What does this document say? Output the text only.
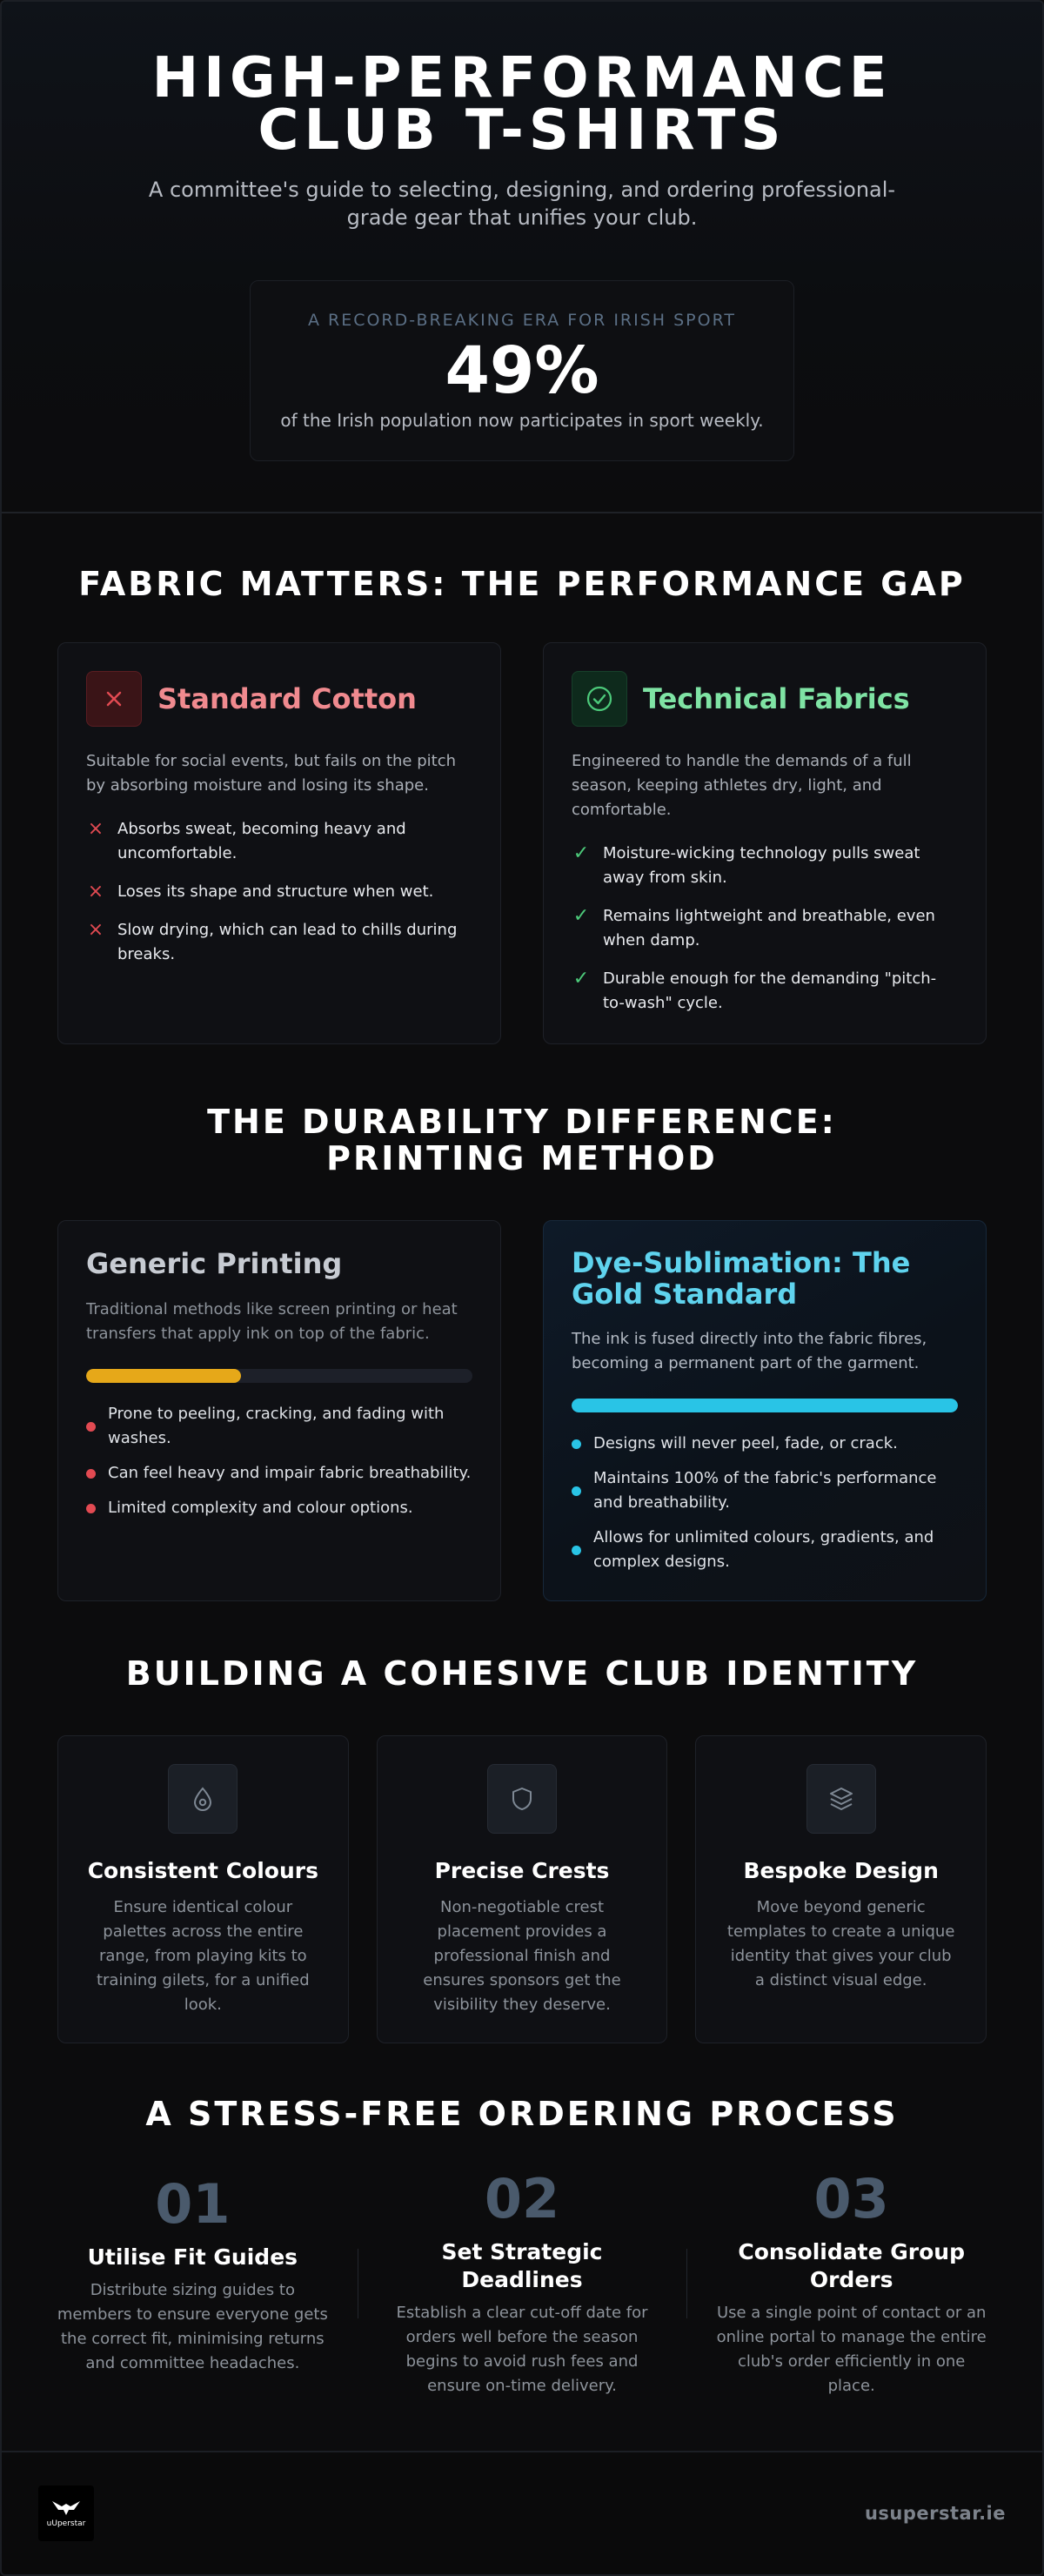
HIGH-PERFORMANCE CLUB T-SHIRTS

A committee's guide to selecting, designing, and ordering professional-grade gear that unifies your club.

A RECORD-BREAKING ERA FOR IRISH SPORT
49%
of the Irish population now participates in sport weekly.
FABRIC MATTERS: THE PERFORMANCE GAP
Standard Cotton

Suitable for social events, but fails on the pitch by absorbing moisture and losing its shape.

× Absorbs sweat, becoming heavy and uncomfortable.
× Loses its shape and structure when wet.
× Slow drying, which can lead to chills during breaks.
Technical Fabrics

Engineered to handle the demands of a full season, keeping athletes dry, light, and comfortable.

✓ Moisture-wicking technology pulls sweat away from skin.
✓ Remains lightweight and breathable, even when damp.
✓ Durable enough for the demanding "pitch-to-wash" cycle.
THE DURABILITY DIFFERENCE: PRINTING METHOD
Generic Printing

Traditional methods like screen printing or heat transfers that apply ink on top of the fabric.

Prone to peeling, cracking, and fading with washes.
Can feel heavy and impair fabric breathability.
Limited complexity and colour options.
Dye-Sublimation: The Gold Standard

The ink is fused directly into the fabric fibres, becoming a permanent part of the garment.

Designs will never peel, fade, or crack.
Maintains 100% of the fabric's performance and breathability.
Allows for unlimited colours, gradients, and complex designs.
BUILDING A COHESIVE CLUB IDENTITY
Consistent Colours

Ensure identical colour palettes across the entire range, from playing kits to training gilets, for a unified look.

Precise Crests

Non-negotiable crest placement provides a professional finish and ensures sponsors get the visibility they deserve.

Bespoke Design

Move beyond generic templates to create a unique identity that gives your club a distinct visual edge.

A STRESS-FREE ORDERING PROCESS
01
Utilise Fit Guides

Distribute sizing guides to members to ensure everyone gets the correct fit, minimising returns and committee headaches.

02
Set Strategic Deadlines

Establish a clear cut-off date for orders well before the season begins to avoid rush fees and ensure on-time delivery.

03
Consolidate Group Orders

Use a single point of contact or an online portal to manage the entire club's order efficiently in one place.

uUperstar	usuperstar.ie
